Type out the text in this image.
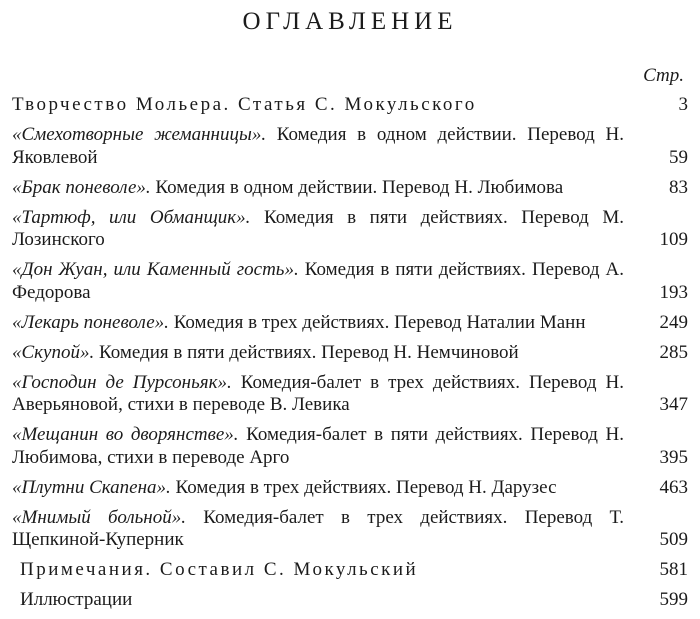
ОГЛАВЛЕНИЕ
Стр.
Творчество Мольера. Статья С. Мокульского	3
«Смехотворные жеманницы». Комедия в одном действии. Перевод Н. Яковлевой	59
«Брак поневоле». Комедия в одном действии. Перевод Н. Любимова	83
«Тартюф, или Обманщик». Комедия в пяти действиях. Перевод М. Лозинского	109
«Дон Жуан, или Каменный гость». Комедия в пяти действиях. Перевод А. Федорова	193
«Лекарь поневоле». Комедия в трех действиях. Перевод Наталии Манн	249
«Скупой». Комедия в пяти действиях. Перевод Н. Немчиновой	285
«Господин де Пурсоньяк». Комедия-балет в трех действиях. Перевод Н. Аверьяновой, стихи в переводе В. Левика	347
«Мещанин во дворянстве». Комедия-балет в пяти действиях. Перевод Н. Любимова, стихи в переводе Арго	395
«Плутни Скапена». Комедия в трех действиях. Перевод Н. Дарузес	463
«Мнимый больной». Комедия-балет в трех действиях. Перевод Т. Щепкиной-Куперник	509
Примечания. Составил С. Мокульский	581
Иллюстрации	599
